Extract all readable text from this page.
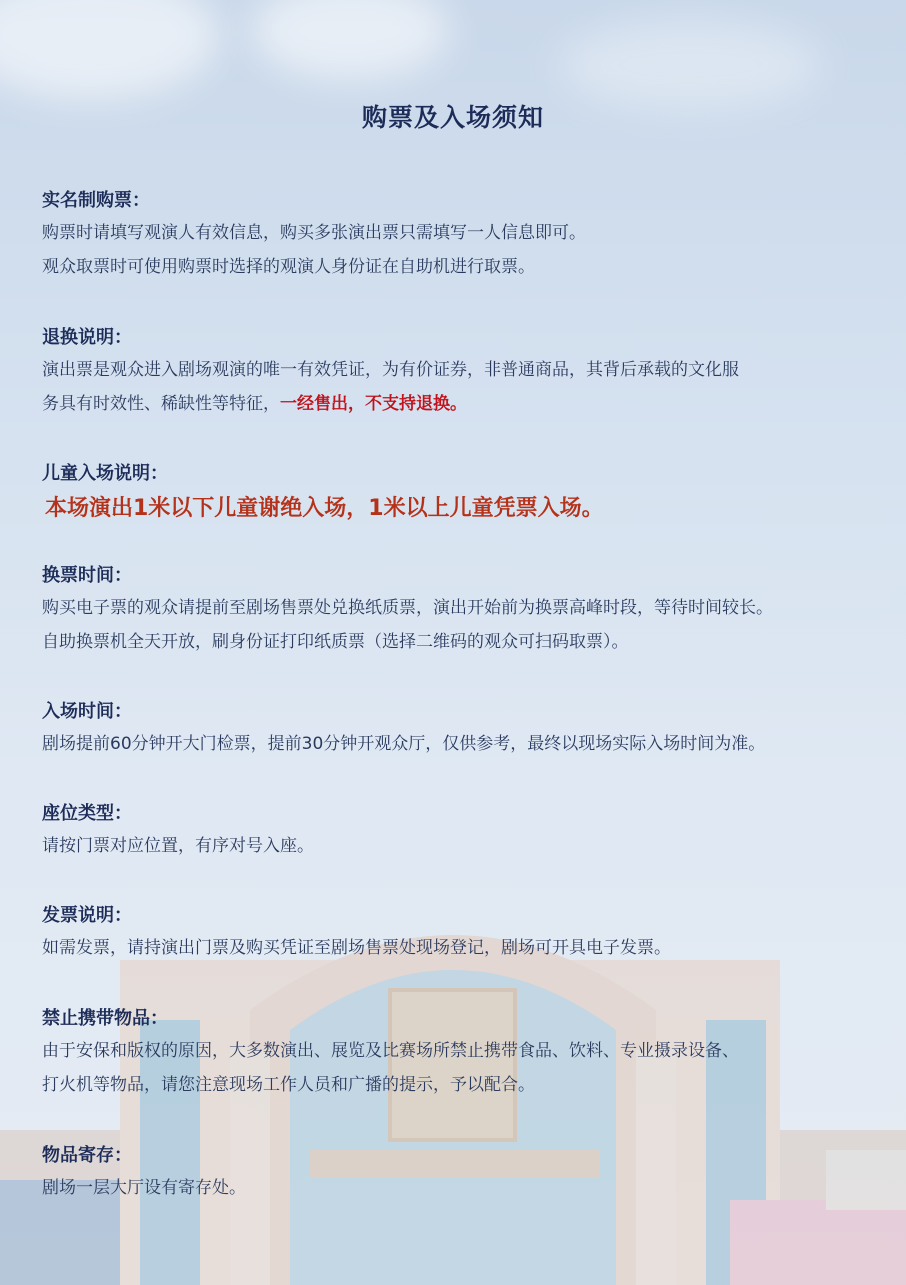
购票及入场须知
实名制购票：
购票时请填写观演人有效信息，购买多张演出票只需填写一人信息即可。
观众取票时可使用购票时选择的观演人身份证在自助机进行取票。
退换说明：
演出票是观众进入剧场观演的唯一有效凭证，为有价证券，非普通商品，其背后承载的文化服
务具有时效性、稀缺性等特征，一经售出，不支持退换。
儿童入场说明：
本场演出1米以下儿童谢绝入场，1米以上儿童凭票入场。
换票时间：
购买电子票的观众请提前至剧场售票处兑换纸质票，演出开始前为换票高峰时段，等待时间较长。
自助换票机全天开放，刷身份证打印纸质票（选择二维码的观众可扫码取票）。
入场时间：
剧场提前60分钟开大门检票，提前30分钟开观众厅，仅供参考，最终以现场实际入场时间为准。
座位类型：
请按门票对应位置，有序对号入座。
发票说明：
如需发票，请持演出门票及购买凭证至剧场售票处现场登记，剧场可开具电子发票。
禁止携带物品：
由于安保和版权的原因，大多数演出、展览及比赛场所禁止携带食品、饮料、专业摄录设备、
打火机等物品，请您注意现场工作人员和广播的提示，予以配合。
物品寄存：
剧场一层大厅设有寄存处。
